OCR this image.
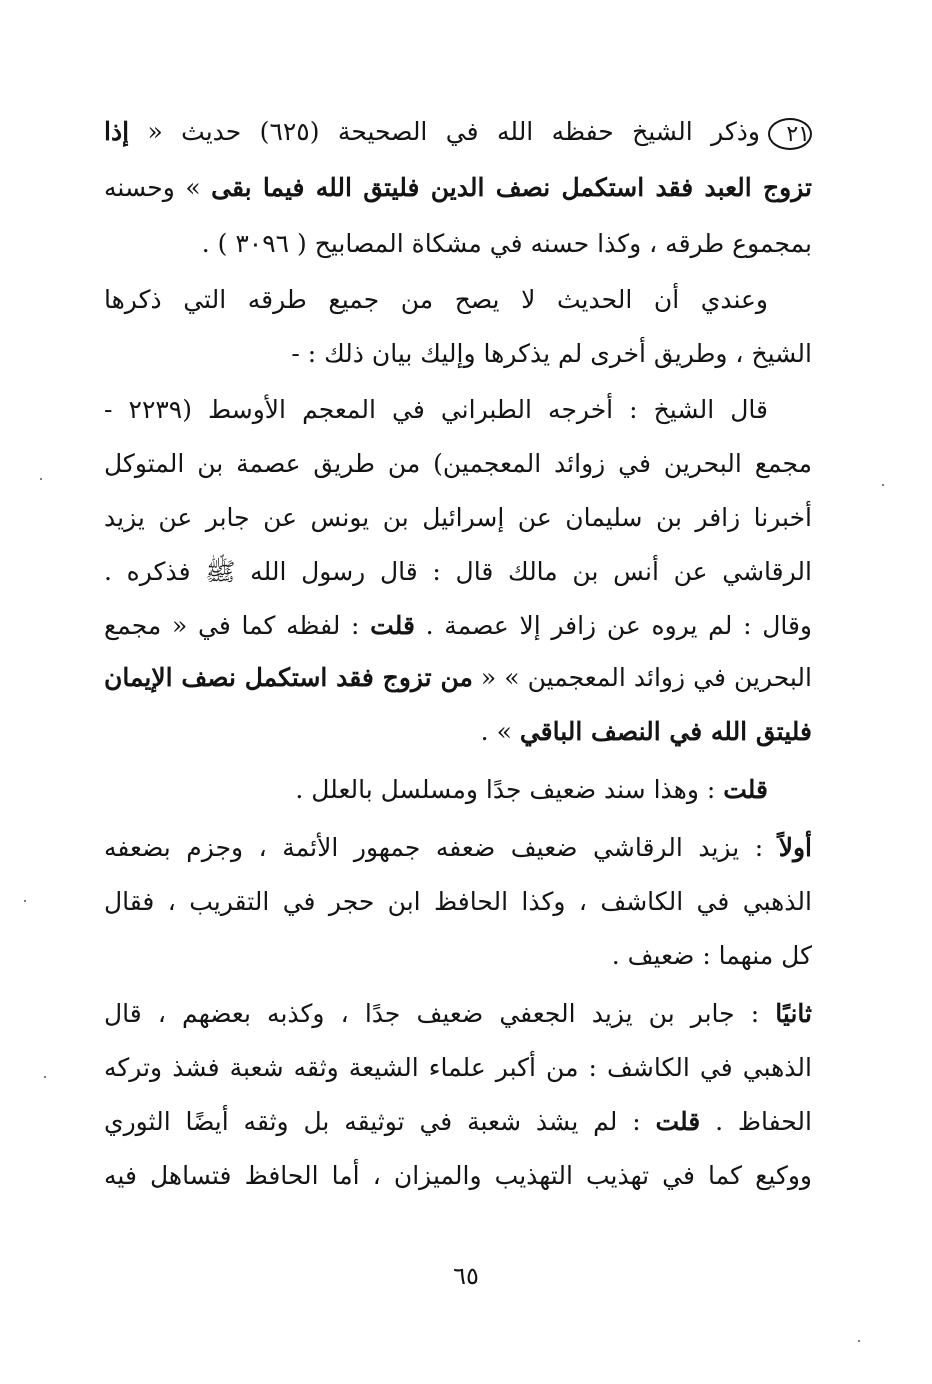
٢١وذكر الشيخ حفظه الله في الصحيحة (٦٢٥) حديث « إذا
تزوج العبد فقد استكمل نصف الدين فليتق الله فيما بقى » وحسنه
بمجموع طرقه ، وكذا حسنه في مشكاة المصابيح ( ٣٠٩٦ ) .
وعندي أن الحديث لا يصح من جميع طرقه التي ذكرها
الشيخ ، وطريق أخرى لم يذكرها وإليك بيان ذلك : -
قال الشيخ : أخرجه الطبراني في المعجم الأوسط (٢٢٣٩ -
مجمع البحرين في زوائد المعجمين) من طريق عصمة بن المتوكل
أخبرنا زافر بن سليمان عن إسرائيل بن يونس عن جابر عن يزيد
الرقاشي عن أنس بن مالك قال : قال رسول الله ﷺ فذكره .
وقال : لم يروه عن زافر إلا عصمة . قلت : لفظه كما في « مجمع
البحرين في زوائد المعجمين » « من تزوج فقد استكمل نصف الإيمان
فليتق الله في النصف الباقي » .
قلت : وهذا سند ضعيف جدًا ومسلسل بالعلل .
أولاً : يزيد الرقاشي ضعيف ضعفه جمهور الأئمة ، وجزم بضعفه
الذهبي في الكاشف ، وكذا الحافظ ابن حجر في التقريب ، فقال
كل منهما : ضعيف .
ثانيًا : جابر بن يزيد الجعفي ضعيف جدًا ، وكذبه بعضهم ، قال
الذهبي في الكاشف : من أكبر علماء الشيعة وثقه شعبة فشذ وتركه
الحفاظ . قلت : لم يشذ شعبة في توثيقه بل وثقه أيضًا الثوري
ووكيع كما في تهذيب التهذيب والميزان ، أما الحافظ فتساهل فيه
٦٥
